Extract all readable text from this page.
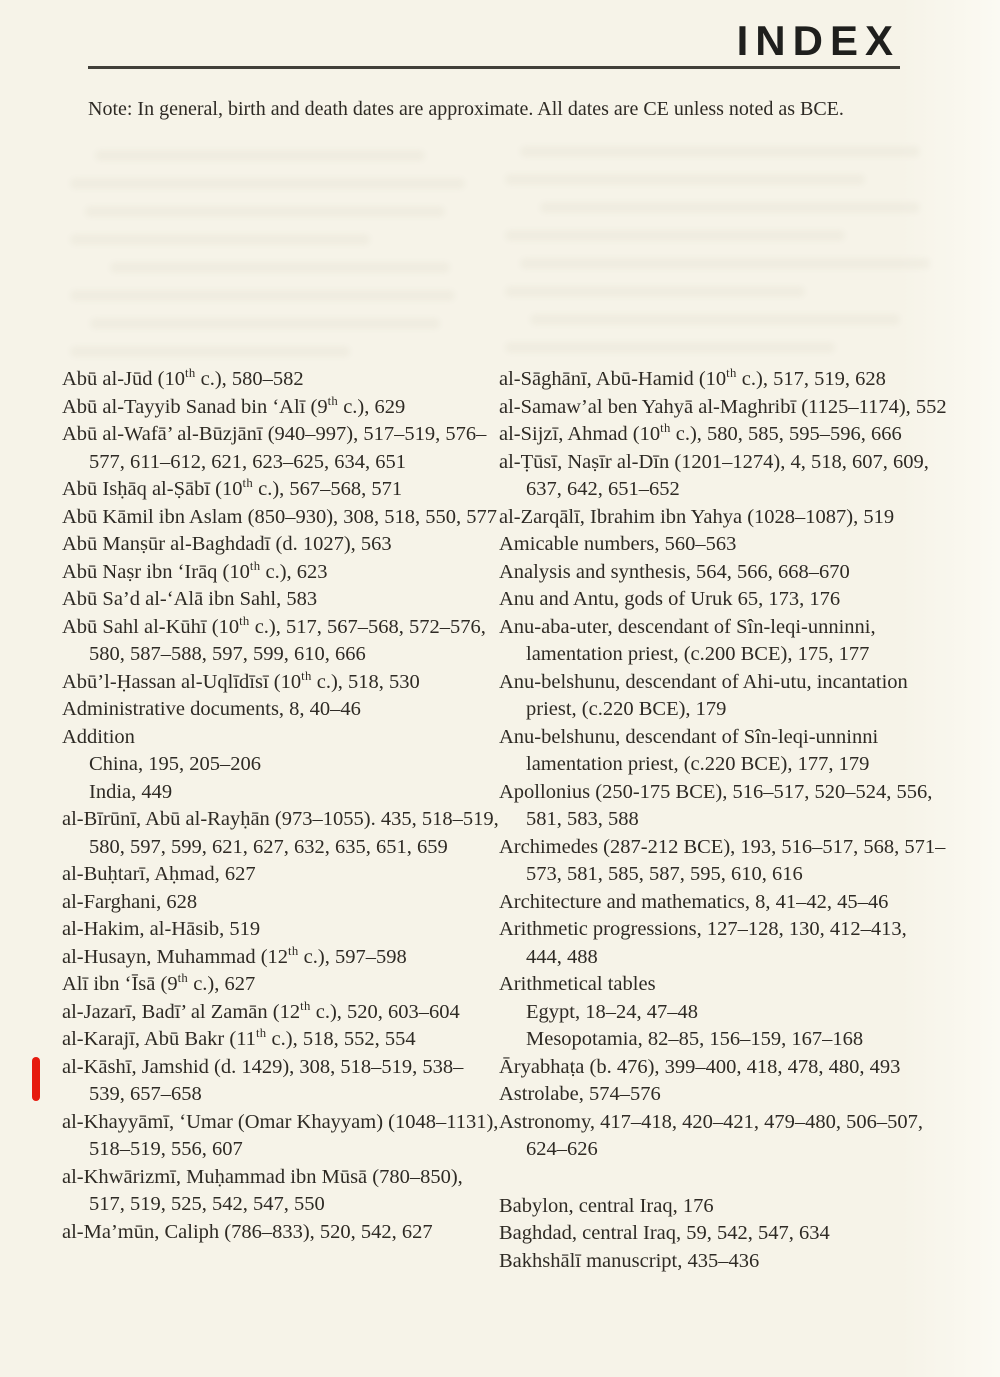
INDEX

Note: In general, birth and death dates are approximate. All dates are CE unless noted as BCE.

Abū al-Jūd (10th c.), 580–582
Abū al-Tayyib Sanad bin ‘Alī (9th c.), 629
Abū al-Wafā’ al-Būzjānī (940–997), 517–519, 576–577, 611–612, 621, 623–625, 634, 651
Abū Isḥāq al-Ṣābī (10th c.), 567–568, 571
Abū Kāmil ibn Aslam (850–930), 308, 518, 550, 577
Abū Manṣūr al-Baghdadī (d. 1027), 563
Abū Naṣr ibn ‘Irāq (10th c.), 623
Abū Sa’d al-‘Alā ibn Sahl, 583
Abū Sahl al-Kūhī (10th c.), 517, 567–568, 572–576, 580, 587–588, 597, 599, 610, 666
Abū’l-Ḥassan al-Uqlīdīsī (10th c.), 518, 530
Administrative documents, 8, 40–46
Addition
China, 195, 205–206
India, 449
al-Bīrūnī, Abū al-Rayḥān (973–1055). 435, 518–519, 580, 597, 599, 621, 627, 632, 635, 651, 659
al-Buḥtarī, Aḥmad, 627
al-Farghani, 628
al-Hakim, al-Hāsib, 519
al-Husayn, Muhammad (12th c.), 597–598
Alī ibn ‘Īsā (9th c.), 627
al-Jazarī, Badī’ al Zamān (12th c.), 520, 603–604
al-Karajī, Abū Bakr (11th c.), 518, 552, 554
al-Kāshī, Jamshid (d. 1429), 308, 518–519, 538–539, 657–658
al-Khayyāmī, ‘Umar (Omar Khayyam) (1048–1131), 518–519, 556, 607
al-Khwārizmī, Muḥammad ibn Mūsā (780–850), 517, 519, 525, 542, 547, 550
al-Ma’mūn, Caliph (786–833), 520, 542, 627
al-Sāghānī, Abū-Hamid (10th c.), 517, 519, 628
al-Samaw’al ben Yahyā al-Maghribī (1125–1174), 552
al-Sijzī, Ahmad (10th c.), 580, 585, 595–596, 666
al-Ṭūsī, Naṣīr al-Dīn (1201–1274), 4, 518, 607, 609, 637, 642, 651–652
al-Zarqālī, Ibrahim ibn Yahya (1028–1087), 519
Amicable numbers, 560–563
Analysis and synthesis, 564, 566, 668–670
Anu and Antu, gods of Uruk 65, 173, 176
Anu-aba-uter, descendant of Sîn-leqi-unninni, lamentation priest, (c.200 BCE), 175, 177
Anu-belshunu, descendant of Ahi-utu, incantation priest, (c.220 BCE), 179
Anu-belshunu, descendant of Sîn-leqi-unninni lamentation priest, (c.220 BCE), 177, 179
Apollonius (250-175 BCE), 516–517, 520–524, 556, 581, 583, 588
Archimedes (287-212 BCE), 193, 516–517, 568, 571–573, 581, 585, 587, 595, 610, 616
Architecture and mathematics, 8, 41–42, 45–46
Arithmetic progressions, 127–128, 130, 412–413, 444, 488
Arithmetical tables
Egypt, 18–24, 47–48
Mesopotamia, 82–85, 156–159, 167–168
Āryabhaṭa (b. 476), 399–400, 418, 478, 480, 493
Astrolabe, 574–576
Astronomy, 417–418, 420–421, 479–480, 506–507, 624–626
Babylon, central Iraq, 176
Baghdad, central Iraq, 59, 542, 547, 634
Bakhshālī manuscript, 435–436
